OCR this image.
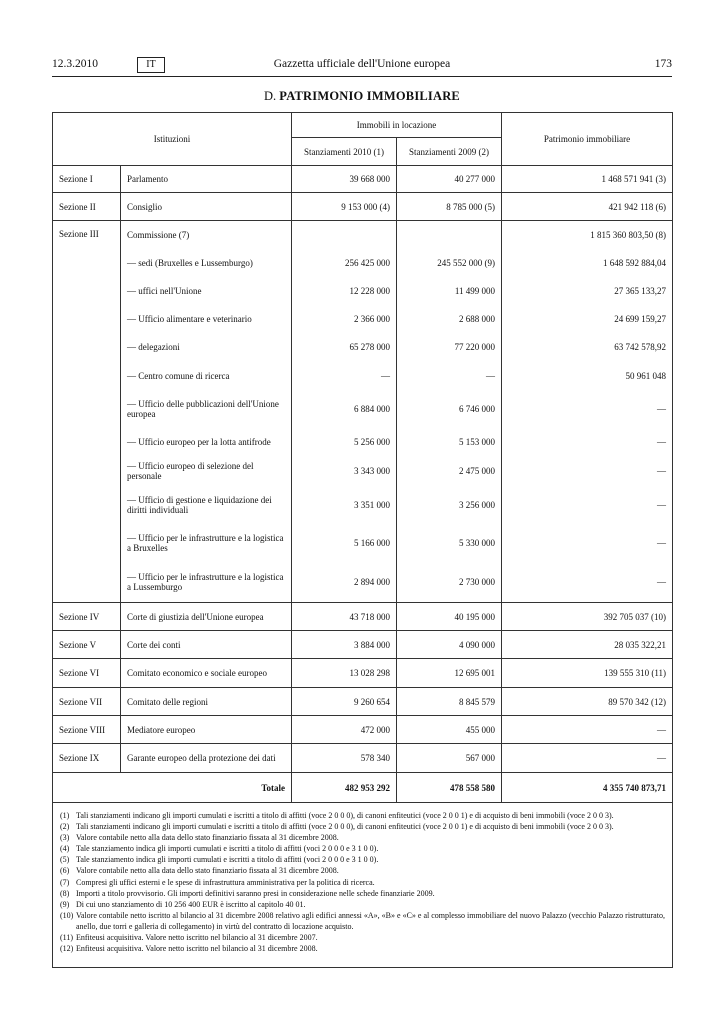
12.3.2010	IT	Gazzetta ufficiale dell'Unione europea	173
D. PATRIMONIO IMMOBILIARE
Istituzioni		Immobili in locazione		Patrimonio immobiliare
		Stanziamenti 2010 (1)	Stanziamenti 2009 (2)	
Sezione I	Parlamento	39 668 000	40 277 000	1 468 571 941 (3)
Sezione II	Consiglio	9 153 000 (4)	8 785 000 (5)	421 942 118 (6)
Sezione III	Commissione (7)			1 815 360 803,50 (8)
	— sedi (Bruxelles e Lussemburgo)	256 425 000	245 552 000 (9)	1 648 592 884,04
	— uffici nell'Unione	12 228 000	11 499 000	27 365 133,27
	— Ufficio alimentare e veterinario	2 366 000	2 688 000	24 699 159,27
	— delegazioni	65 278 000	77 220 000	63 742 578,92
	— Centro comune di ricerca	—	—	50 961 048
	— Ufficio delle pubblicazioni dell'Unione europea	6 884 000	6 746 000	—
	— Ufficio europeo per la lotta antifrode	5 256 000	5 153 000	—
	— Ufficio europeo di selezione del personale	3 343 000	2 475 000	—
	— Ufficio di gestione e liquidazione dei diritti individuali	3 351 000	3 256 000	—
	— Ufficio per le infrastrutture e la logistica a Bruxelles	5 166 000	5 330 000	—
	— Ufficio per le infrastrutture e la logistica a Lussemburgo	2 894 000	2 730 000	—
Sezione IV	Corte di giustizia dell'Unione europea	43 718 000	40 195 000	392 705 037 (10)
Sezione V	Corte dei conti	3 884 000	4 090 000	28 035 322,21
Sezione VI	Comitato economico e sociale europeo	13 028 298	12 695 001	139 555 310 (11)
Sezione VII	Comitato delle regioni	9 260 654	8 845 579	89 570 342 (12)
Sezione VIII	Mediatore europeo	472 000	455 000	—
Sezione IX	Garante europeo della protezione dei dati	578 340	567 000	—
Totale		482 953 292	478 558 580	4 355 740 873,71
(1) Tali stanziamenti indicano gli importi cumulati e iscritti a titolo di affitti (voce 2 0 0 0), di canoni enfiteutici (voce 2 0 0 1) e di acquisto di beni immobili (voce 2 0 0 3).
(2) Tali stanziamenti indicano gli importi cumulati e iscritti a titolo di affitti (voce 2 0 0 0), di canoni enfiteutici (voce 2 0 0 1) e di acquisto di beni immobili (voce 2 0 0 3).
(3) Valore contabile netto alla data dello stato finanziario fissata al 31 dicembre 2008.
(4) Tale stanziamento indica gli importi cumulati e iscritti a titolo di affitti (voci 2 0 0 0 e 3 1 0 0).
(5) Tale stanziamento indica gli importi cumulati e iscritti a titolo di affitti (voci 2 0 0 0 e 3 1 0 0).
(6) Valore contabile netto alla data dello stato finanziario fissata al 31 dicembre 2008.
(7) Compresi gli uffici esterni e le spese di infrastruttura amministrativa per la politica di ricerca.
(8) Importi a titolo provvisorio. Gli importi definitivi saranno presi in considerazione nelle schede finanziarie 2009.
(9) Di cui uno stanziamento di 10 256 400 EUR è iscritto al capitolo 40 01.
(10) Valore contabile netto iscritto al bilancio al 31 dicembre 2008 relativo agli edifici annessi «A», «B» e «C» e al complesso immobiliare del nuovo Palazzo (vecchio Palazzo ristrutturato, anello, due torri e galleria di collegamento) in virtù del contratto di locazione acquisto.
(11) Enfiteusi acquisitiva. Valore netto iscritto nel bilancio al 31 dicembre 2007.
(12) Enfiteusi acquisitiva. Valore netto iscritto nel bilancio al 31 dicembre 2008.
